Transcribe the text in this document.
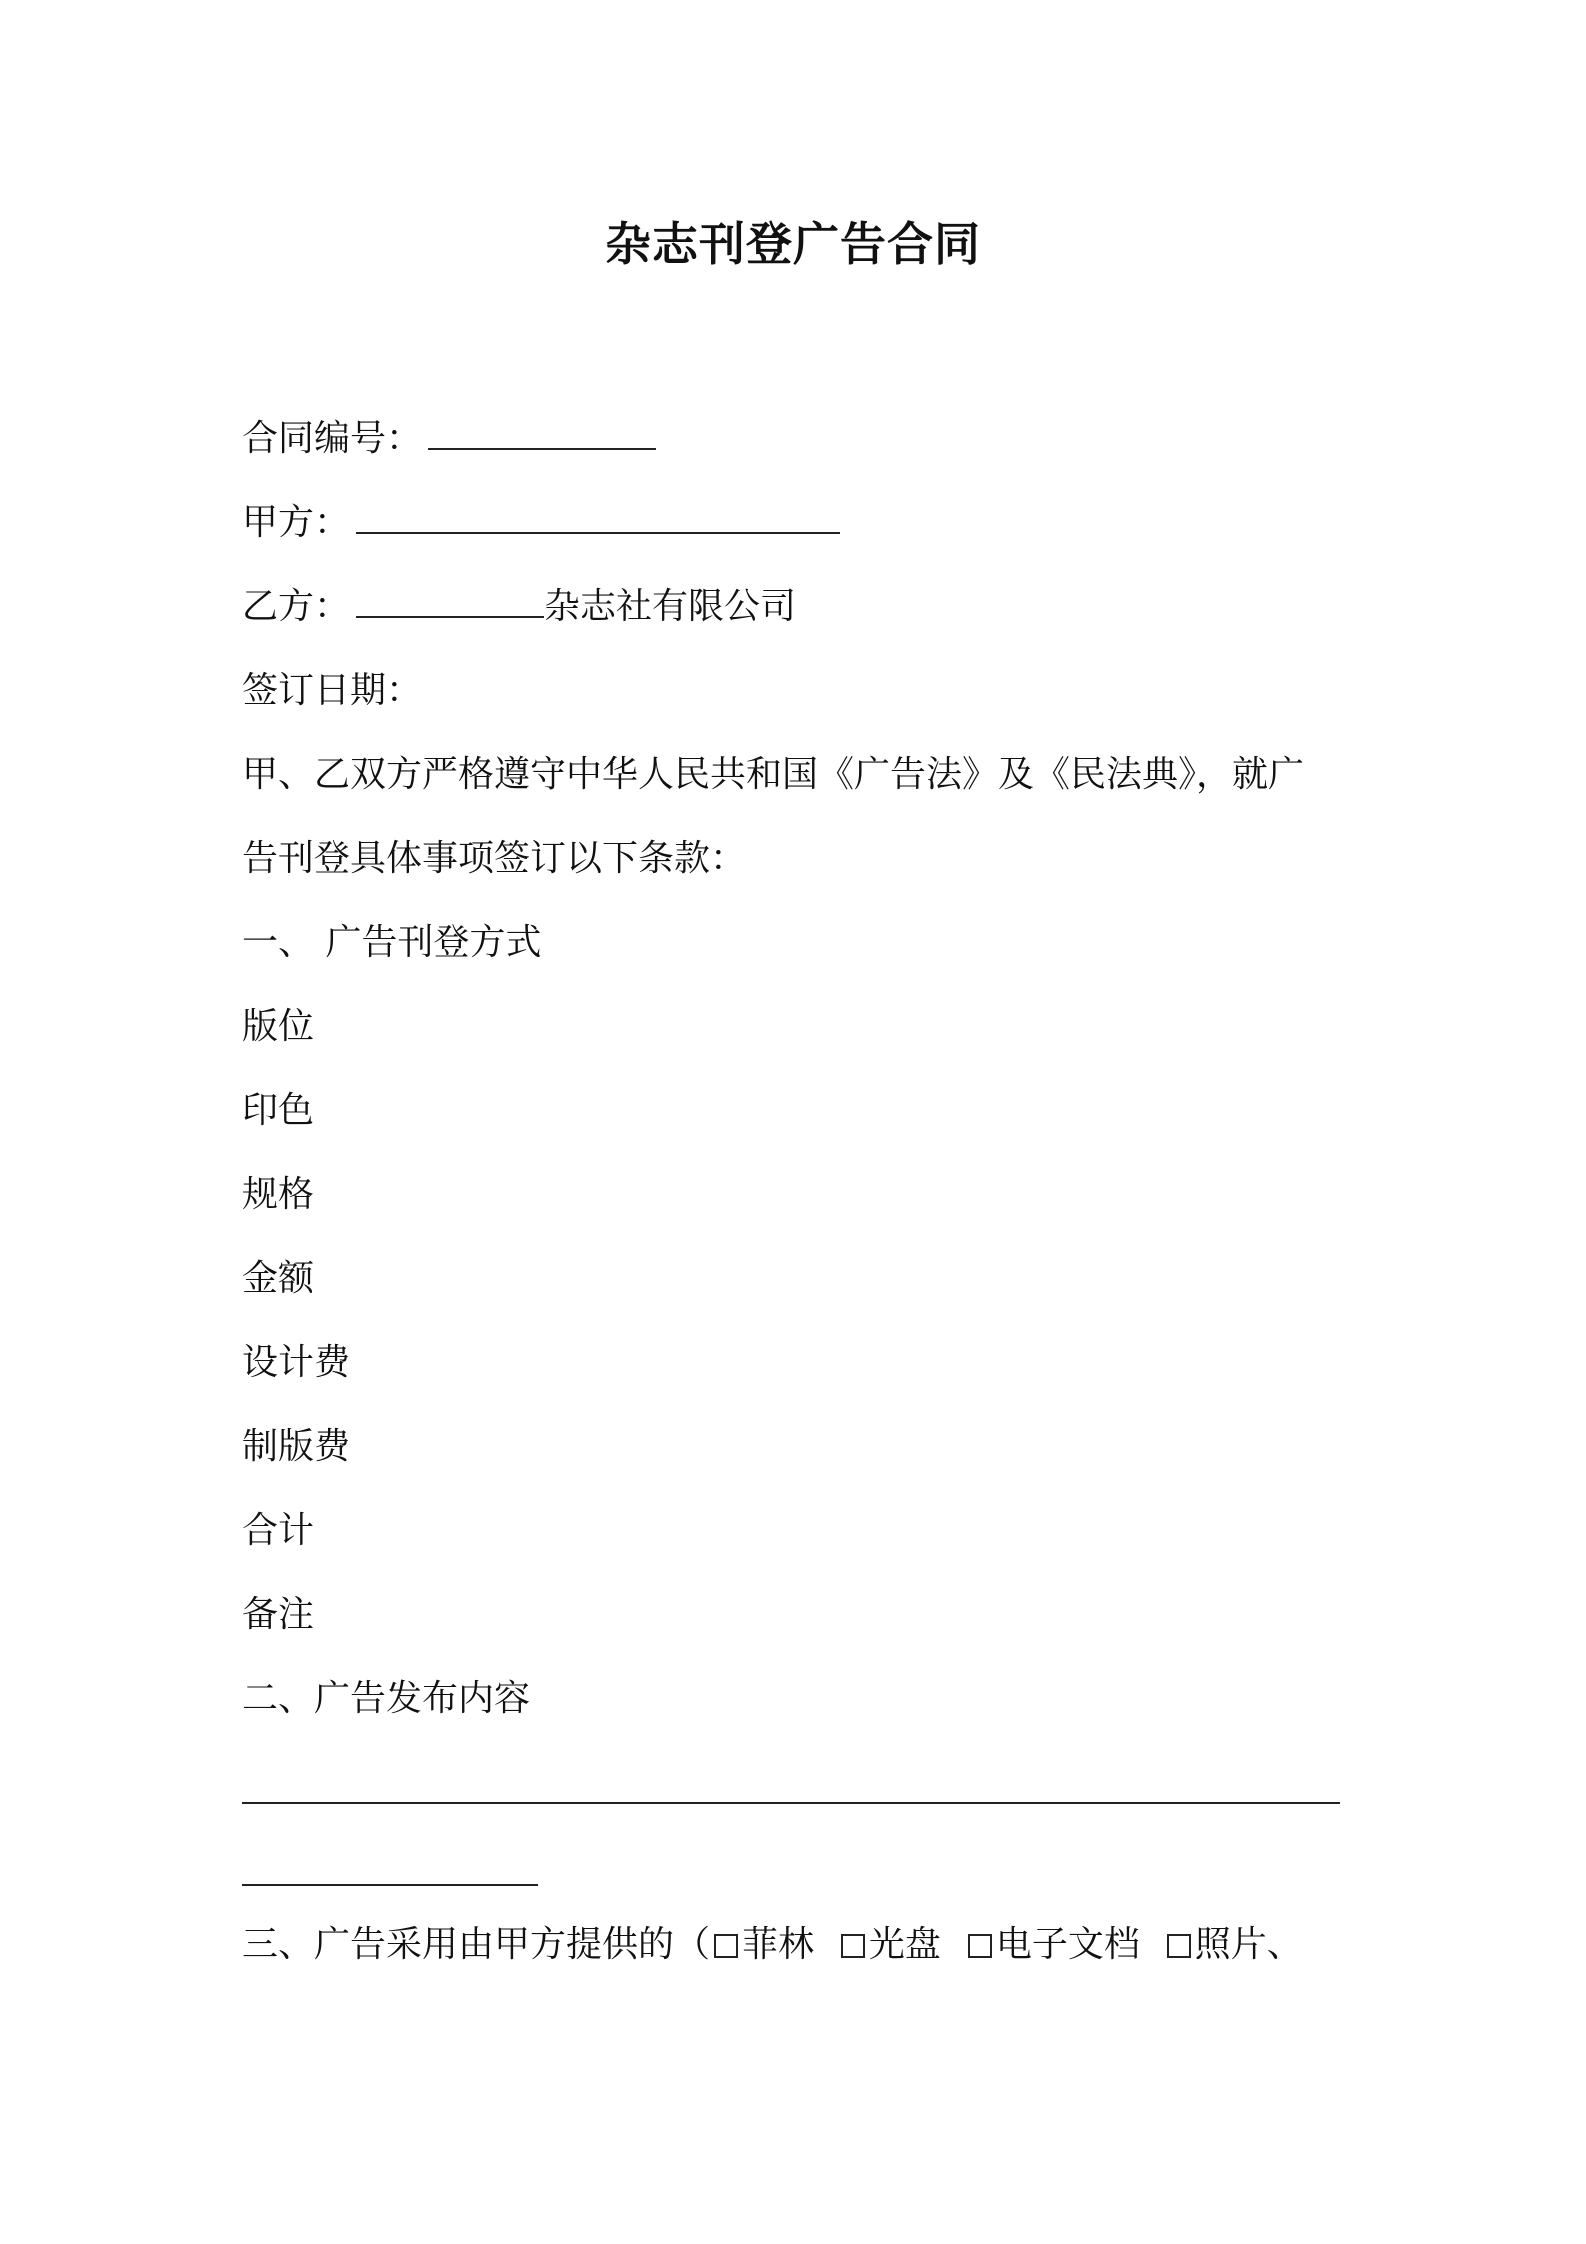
杂志刊登广告合同
合同编号：
甲方：
乙方：	杂志社有限公司
签订日期：
甲、乙双方严格遵守中华人民共和国《广告法》及《民法典》，就广
告刊登具体事项签订以下条款：
一、 广告刊登方式
版位
印色
规格
金额
设计费
制版费
合计
备注
二、广告发布内容
三、广告采用由甲方提供的（ 菲林 光盘 电子文档 照片、
